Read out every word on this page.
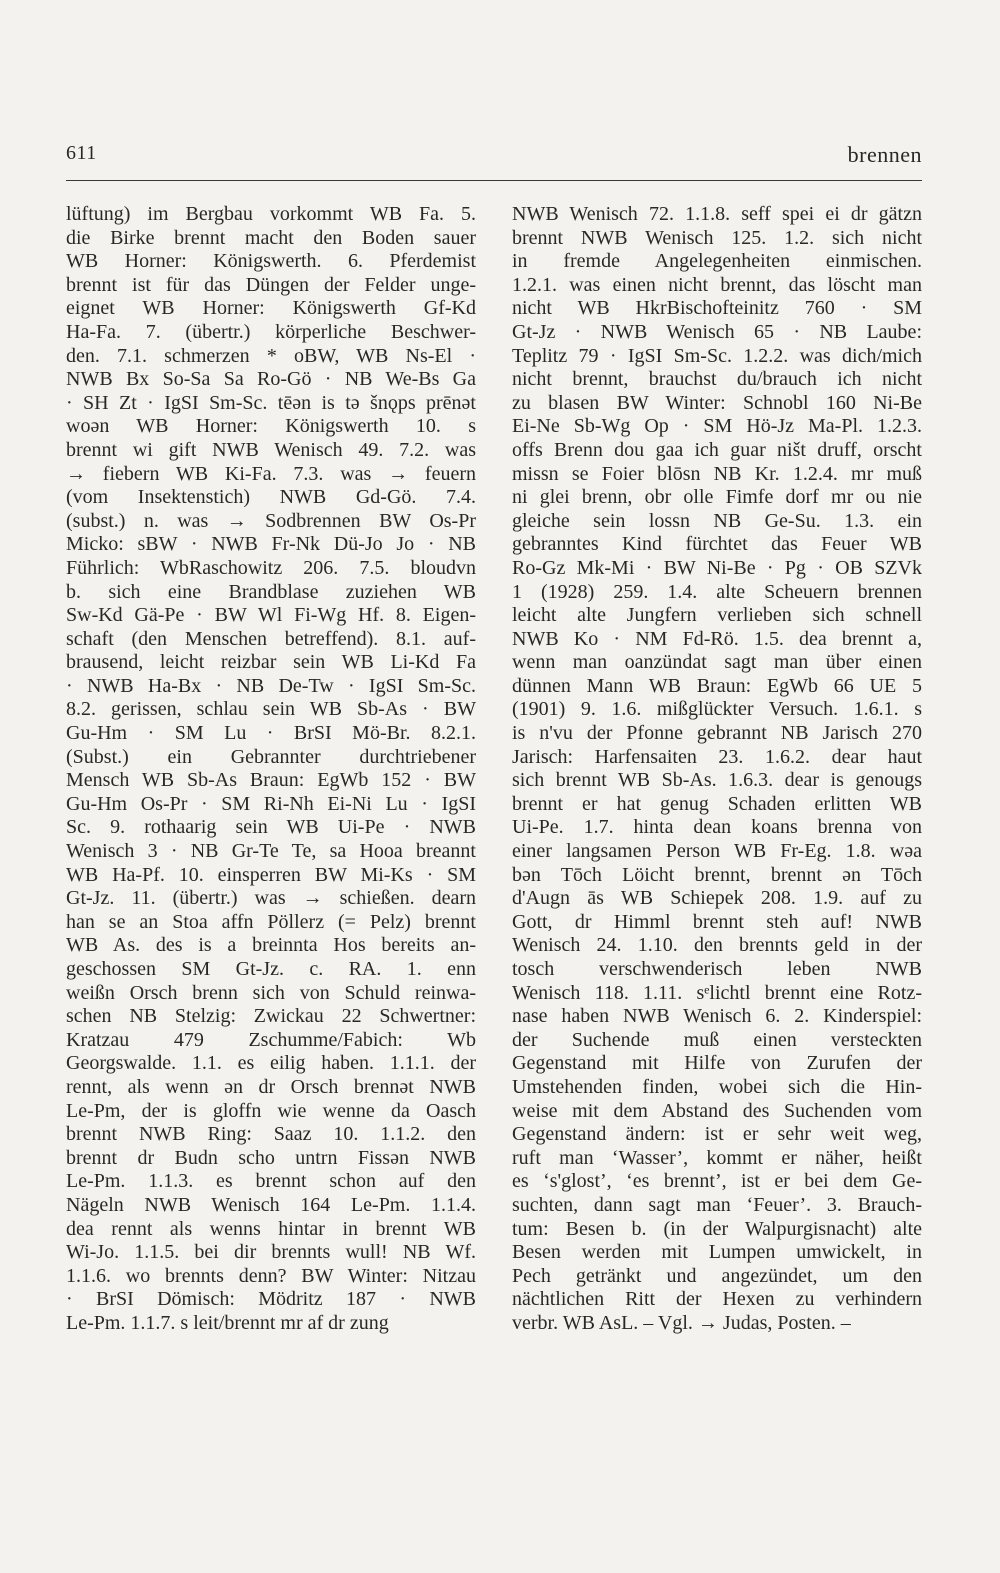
611	brennen
lüftung) im Bergbau vorkommt WB Fa. 5.
die Birke brennt macht den Boden sauer
WB Horner: Königswerth. 6. Pferdemist
brennt ist für das Düngen der Felder unge-
eignet WB Horner: Königswerth Gf-Kd
Ha-Fa. 7. (übertr.) körperliche Beschwer-
den. 7.1. schmerzen * oBW, WB Ns-El ·
NWB Bx So-Sa Sa Ro-Gö · NB We-Bs Ga
· SH Zt · IgSI Sm-Sc. tēən is tə šnǫps prēnət
woən WB Horner: Königswerth 10. s
brennt wi gift NWB Wenisch 49. 7.2. was
→ fiebern WB Ki-Fa. 7.3. was → feuern
(vom Insektenstich) NWB Gd-Gö. 7.4.
(subst.) n. was → Sodbrennen BW Os-Pr
Micko: sBW · NWB Fr-Nk Dü-Jo Jo · NB
Führlich: WbRaschowitz 206. 7.5. bloudvn
b. sich eine Brandblase zuziehen WB
Sw-Kd Gä-Pe · BW Wl Fi-Wg Hf. 8. Eigen-
schaft (den Menschen betreffend). 8.1. auf-
brausend, leicht reizbar sein WB Li-Kd Fa
· NWB Ha-Bx · NB De-Tw · IgSI Sm-Sc.
8.2. gerissen, schlau sein WB Sb-As · BW
Gu-Hm · SM Lu · BrSI Mö-Br. 8.2.1.
(Subst.) ein Gebrannter durchtriebener
Mensch WB Sb-As Braun: EgWb 152 · BW
Gu-Hm Os-Pr · SM Ri-Nh Ei-Ni Lu · IgSI
Sc. 9. rothaarig sein WB Ui-Pe · NWB
Wenisch 3 · NB Gr-Te Te, sa Hooa breannt
WB Ha-Pf. 10. einsperren BW Mi-Ks · SM
Gt-Jz. 11. (übertr.) was → schießen. dearn
han se an Stoa affn Pöllerz (= Pelz) brennt
WB As. des is a breinnta Hos bereits an-
geschossen SM Gt-Jz. c. RA. 1. enn
weißn Orsch brenn sich von Schuld reinwa-
schen NB Stelzig: Zwickau 22 Schwertner:
Kratzau 479 Zschumme/Fabich: Wb
Georgswalde. 1.1. es eilig haben. 1.1.1. der
rennt, als wenn ən dr Orsch brennət NWB
Le-Pm, der is gloffn wie wenne da Oasch
brennt NWB Ring: Saaz 10. 1.1.2. den
brennt dr Budn scho untrn Fissən NWB
Le-Pm. 1.1.3. es brennt schon auf den
Nägeln NWB Wenisch 164 Le-Pm. 1.1.4.
dea rennt als wenns hintar in brennt WB
Wi-Jo. 1.1.5. bei dir brennts wull! NB Wf.
1.1.6. wo brennts denn? BW Winter: Nitzau
· BrSI Dömisch: Mödritz 187 · NWB
Le-Pm. 1.1.7. s leit/brennt mr af dr zung
NWB Wenisch 72. 1.1.8. seff spei ei dr gätzn
brennt NWB Wenisch 125. 1.2. sich nicht
in fremde Angelegenheiten einmischen.
1.2.1. was einen nicht brennt, das löscht man
nicht WB HkrBischofteinitz 760 · SM
Gt-Jz · NWB Wenisch 65 · NB Laube:
Teplitz 79 · IgSI Sm-Sc. 1.2.2. was dich/mich
nicht brennt, brauchst du/brauch ich nicht
zu blasen BW Winter: Schnobl 160 Ni-Be
Ei-Ne Sb-Wg Op · SM Hö-Jz Ma-Pl. 1.2.3.
offs Brenn dou gaa ich guar ništ druff, orscht
missn se Foier blōsn NB Kr. 1.2.4. mr muß
ni glei brenn, obr olle Fimfe dorf mr ou nie
gleiche sein lossn NB Ge-Su. 1.3. ein
gebranntes Kind fürchtet das Feuer WB
Ro-Gz Mk-Mi · BW Ni-Be · Pg · OB SZVk
1 (1928) 259. 1.4. alte Scheuern brennen
leicht alte Jungfern verlieben sich schnell
NWB Ko · NM Fd-Rö. 1.5. dea brennt a,
wenn man oanzündat sagt man über einen
dünnen Mann WB Braun: EgWb 66 UE 5
(1901) 9. 1.6. mißglückter Versuch. 1.6.1. s
is n'vu der Pfonne gebrannt NB Jarisch 270
Jarisch: Harfensaiten 23. 1.6.2. dear haut
sich brennt WB Sb-As. 1.6.3. dear is genougs
brennt er hat genug Schaden erlitten WB
Ui-Pe. 1.7. hinta dean koans brenna von
einer langsamen Person WB Fr-Eg. 1.8. wəa
bən Tōch Löicht brennt, brennt ən Tōch
d'Augn ās WB Schiepek 208. 1.9. auf zu
Gott, dr Himml brennt steh auf! NWB
Wenisch 24. 1.10. den brennts geld in der
tosch verschwenderisch leben NWB
Wenisch 118. 1.11. sᵉlichtl brennt eine Rotz-
nase haben NWB Wenisch 6. 2. Kinderspiel:
der Suchende muß einen versteckten
Gegenstand mit Hilfe von Zurufen der
Umstehenden finden, wobei sich die Hin-
weise mit dem Abstand des Suchenden vom
Gegenstand ändern: ist er sehr weit weg,
ruft man ‘Wasser’, kommt er näher, heißt
es ‘s'glost’, ‘es brennt’, ist er bei dem Ge-
suchten, dann sagt man ‘Feuer’. 3. Brauch-
tum: Besen b. (in der Walpurgisnacht) alte
Besen werden mit Lumpen umwickelt, in
Pech getränkt und angezündet, um den
nächtlichen Ritt der Hexen zu verhindern
verbr. WB AsL. – Vgl. → Judas, Posten. –
